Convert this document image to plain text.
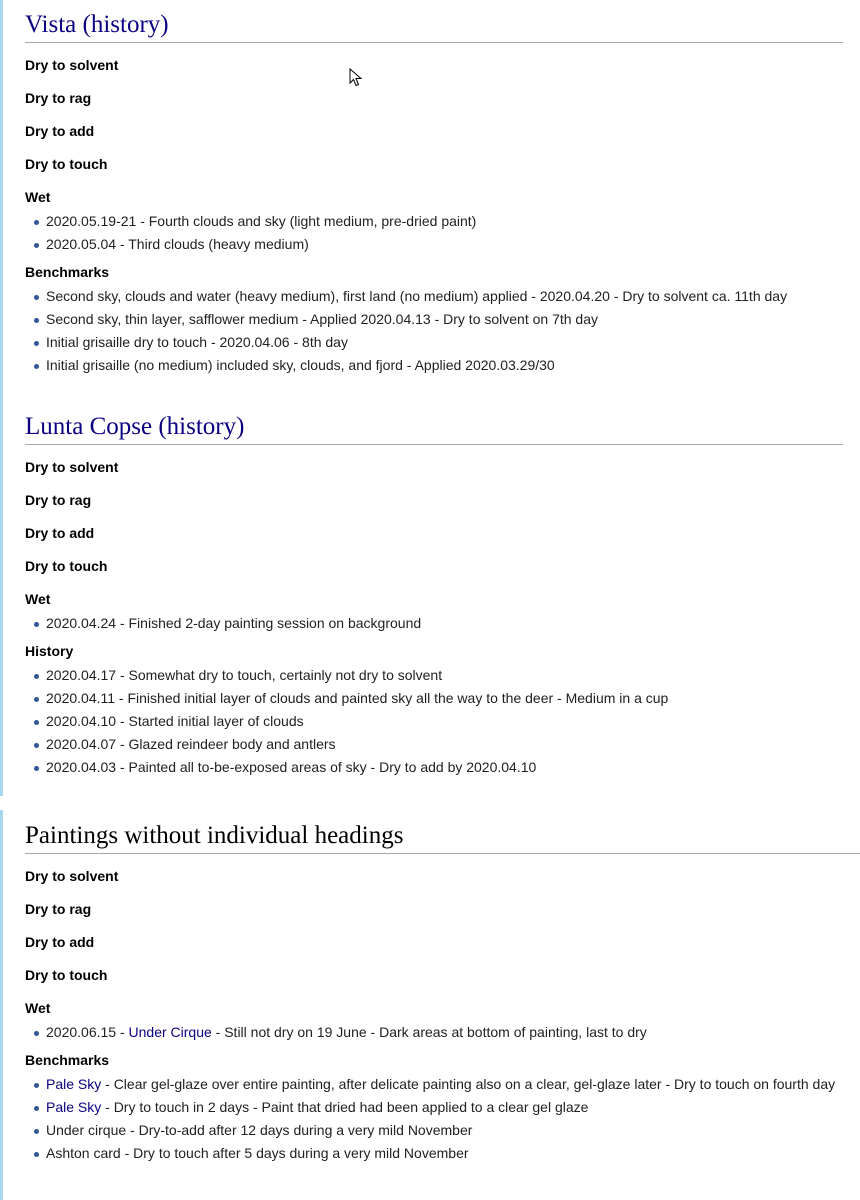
Vista (history)
Dry to solvent
Dry to rag
Dry to add
Dry to touch
Wet
2020.05.19-21 - Fourth clouds and sky (light medium, pre-dried paint)
2020.05.04 - Third clouds (heavy medium)
Benchmarks
Second sky, clouds and water (heavy medium), first land (no medium) applied - 2020.04.20 - Dry to solvent ca. 11th day
Second sky, thin layer, safflower medium - Applied 2020.04.13 - Dry to solvent on 7th day
Initial grisaille dry to touch - 2020.04.06 - 8th day
Initial grisaille (no medium) included sky, clouds, and fjord - Applied 2020.03.29/30
Lunta Copse (history)
Dry to solvent
Dry to rag
Dry to add
Dry to touch
Wet
2020.04.24 - Finished 2-day painting session on background
History
2020.04.17 - Somewhat dry to touch, certainly not dry to solvent
2020.04.11 - Finished initial layer of clouds and painted sky all the way to the deer - Medium in a cup
2020.04.10 - Started initial layer of clouds
2020.04.07 - Glazed reindeer body and antlers
2020.04.03 - Painted all to-be-exposed areas of sky - Dry to add by 2020.04.10
Paintings without individual headings
Dry to solvent
Dry to rag
Dry to add
Dry to touch
Wet
2020.06.15 - Under Cirque - Still not dry on 19 June - Dark areas at bottom of painting, last to dry
Benchmarks
Pale Sky - Clear gel-glaze over entire painting, after delicate painting also on a clear, gel-glaze later - Dry to touch on fourth day
Pale Sky - Dry to touch in 2 days - Paint that dried had been applied to a clear gel glaze
Under cirque - Dry-to-add after 12 days during a very mild November
Ashton card - Dry to touch after 5 days during a very mild November
